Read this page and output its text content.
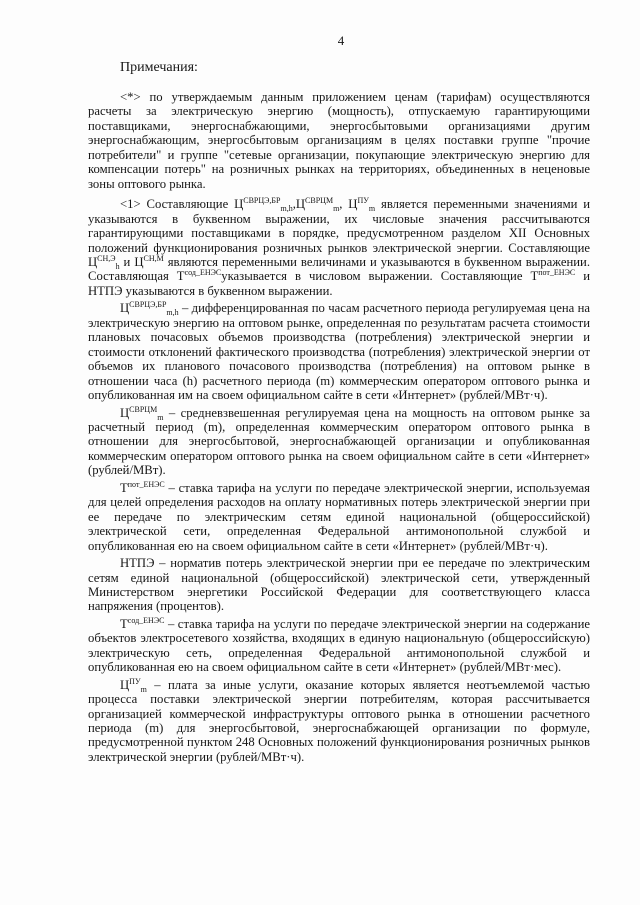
4
Примечания:

<*> по утверждаемым данным приложением ценам (тарифам) осуществляются расчеты за электрическую энергию (мощность), отпускаемую гарантирующими поставщиками, энергоснабжающими, энергосбытовыми организациями другим энергоснабжающим, энергосбытовым организациям в целях поставки группе "прочие потребители" и группе "сетевые организации, покупающие электрическую энергию для компенсации потерь" на розничных рынках на территориях, объединенных в неценовые зоны оптового рынка.

<1> Составляющие $Ц^{СВРЦЭ,БР}_{m,h},Ц^{СВРЦМ}_m$, $Ц^{ПУ}_m$ является переменными значениями и указываются в буквенном выражении, их числовые значения рассчитываются гарантирующими поставщиками в порядке, предусмотренном разделом XII Основных положений функционирования розничных рынков электрической энергии. Составляющие $Ц^{СН,Э}_h$ и $Ц^{СН,М}$ являются переменными величинами и указываются в буквенном выражении. Составляющая $Т^{сод\_ЕНЭС}указывается$ в числовом выражении. Составляющие $Т^{пот\_ЕНЭС}$ и НТПЭ указываются в буквенном выражении.

$Ц^{СВРЦЭ,БР}_{m,h}$ – дифференцированная по часам расчетного периода регулируемая цена на электрическую энергию на оптовом рынке, определенная по результатам расчета стоимости плановых почасовых объемов производства (потребления) электрической энергии и стоимости отклонений фактического производства (потребления) электрической энергии от объемов их планового почасового производства (потребления) на оптовом рынке в отношении часа (h) расчетного периода (m) коммерческим оператором оптового рынка и опубликованная им на своем официальном сайте в сети «Интернет» (рублей/МВт·ч).

$Ц^{СВРЦМ}_m$ – средневзвешенная регулируемая цена на мощность на оптовом рынке за расчетный период (m), определенная коммерческим оператором оптового рынка в отношении для энергосбытовой, энергоснабжающей организации и опубликованная коммерческим оператором оптового рынка на своем официальном сайте в сети «Интернет» (рублей/МВт).

$Т^{пот\_ЕНЭС}$ – ставка тарифа на услуги по передаче электрической энергии, используемая для целей определения расходов на оплату нормативных потерь электрической энергии при ее передаче по электрическим сетям единой национальной (общероссийской) электрической сети, определенная Федеральной антимонопольной службой и опубликованная ею на своем официальном сайте в сети «Интернет» (рублей/МВт·ч).

НТПЭ – норматив потерь электрической энергии при ее передаче по электрическим сетям единой национальной (общероссийской) электрической сети, утвержденный Министерством энергетики Российской Федерации для соответствующего класса напряжения (процентов).

$Т^{сод\_ЕНЭС}$ – ставка тарифа на услуги по передаче электрической энергии на содержание объектов электросетевого хозяйства, входящих в единую национальную (общероссийскую) электрическую сеть, определенная Федеральной антимонопольной службой и опубликованная ею на своем официальном сайте в сети «Интернет» (рублей/МВт·мес).

$Ц^{ПУ}_m$ – плата за иные услуги, оказание которых является неотъемлемой частью процесса поставки электрической энергии потребителям, которая рассчитывается организацией коммерческой инфраструктуры оптового рынка в отношении расчетного периода (m) для энергосбытовой, энергоснабжающей организации по формуле, предусмотренной пунктом 248 Основных положений функционирования розничных рынков электрической энергии (рублей/МВт·ч).
